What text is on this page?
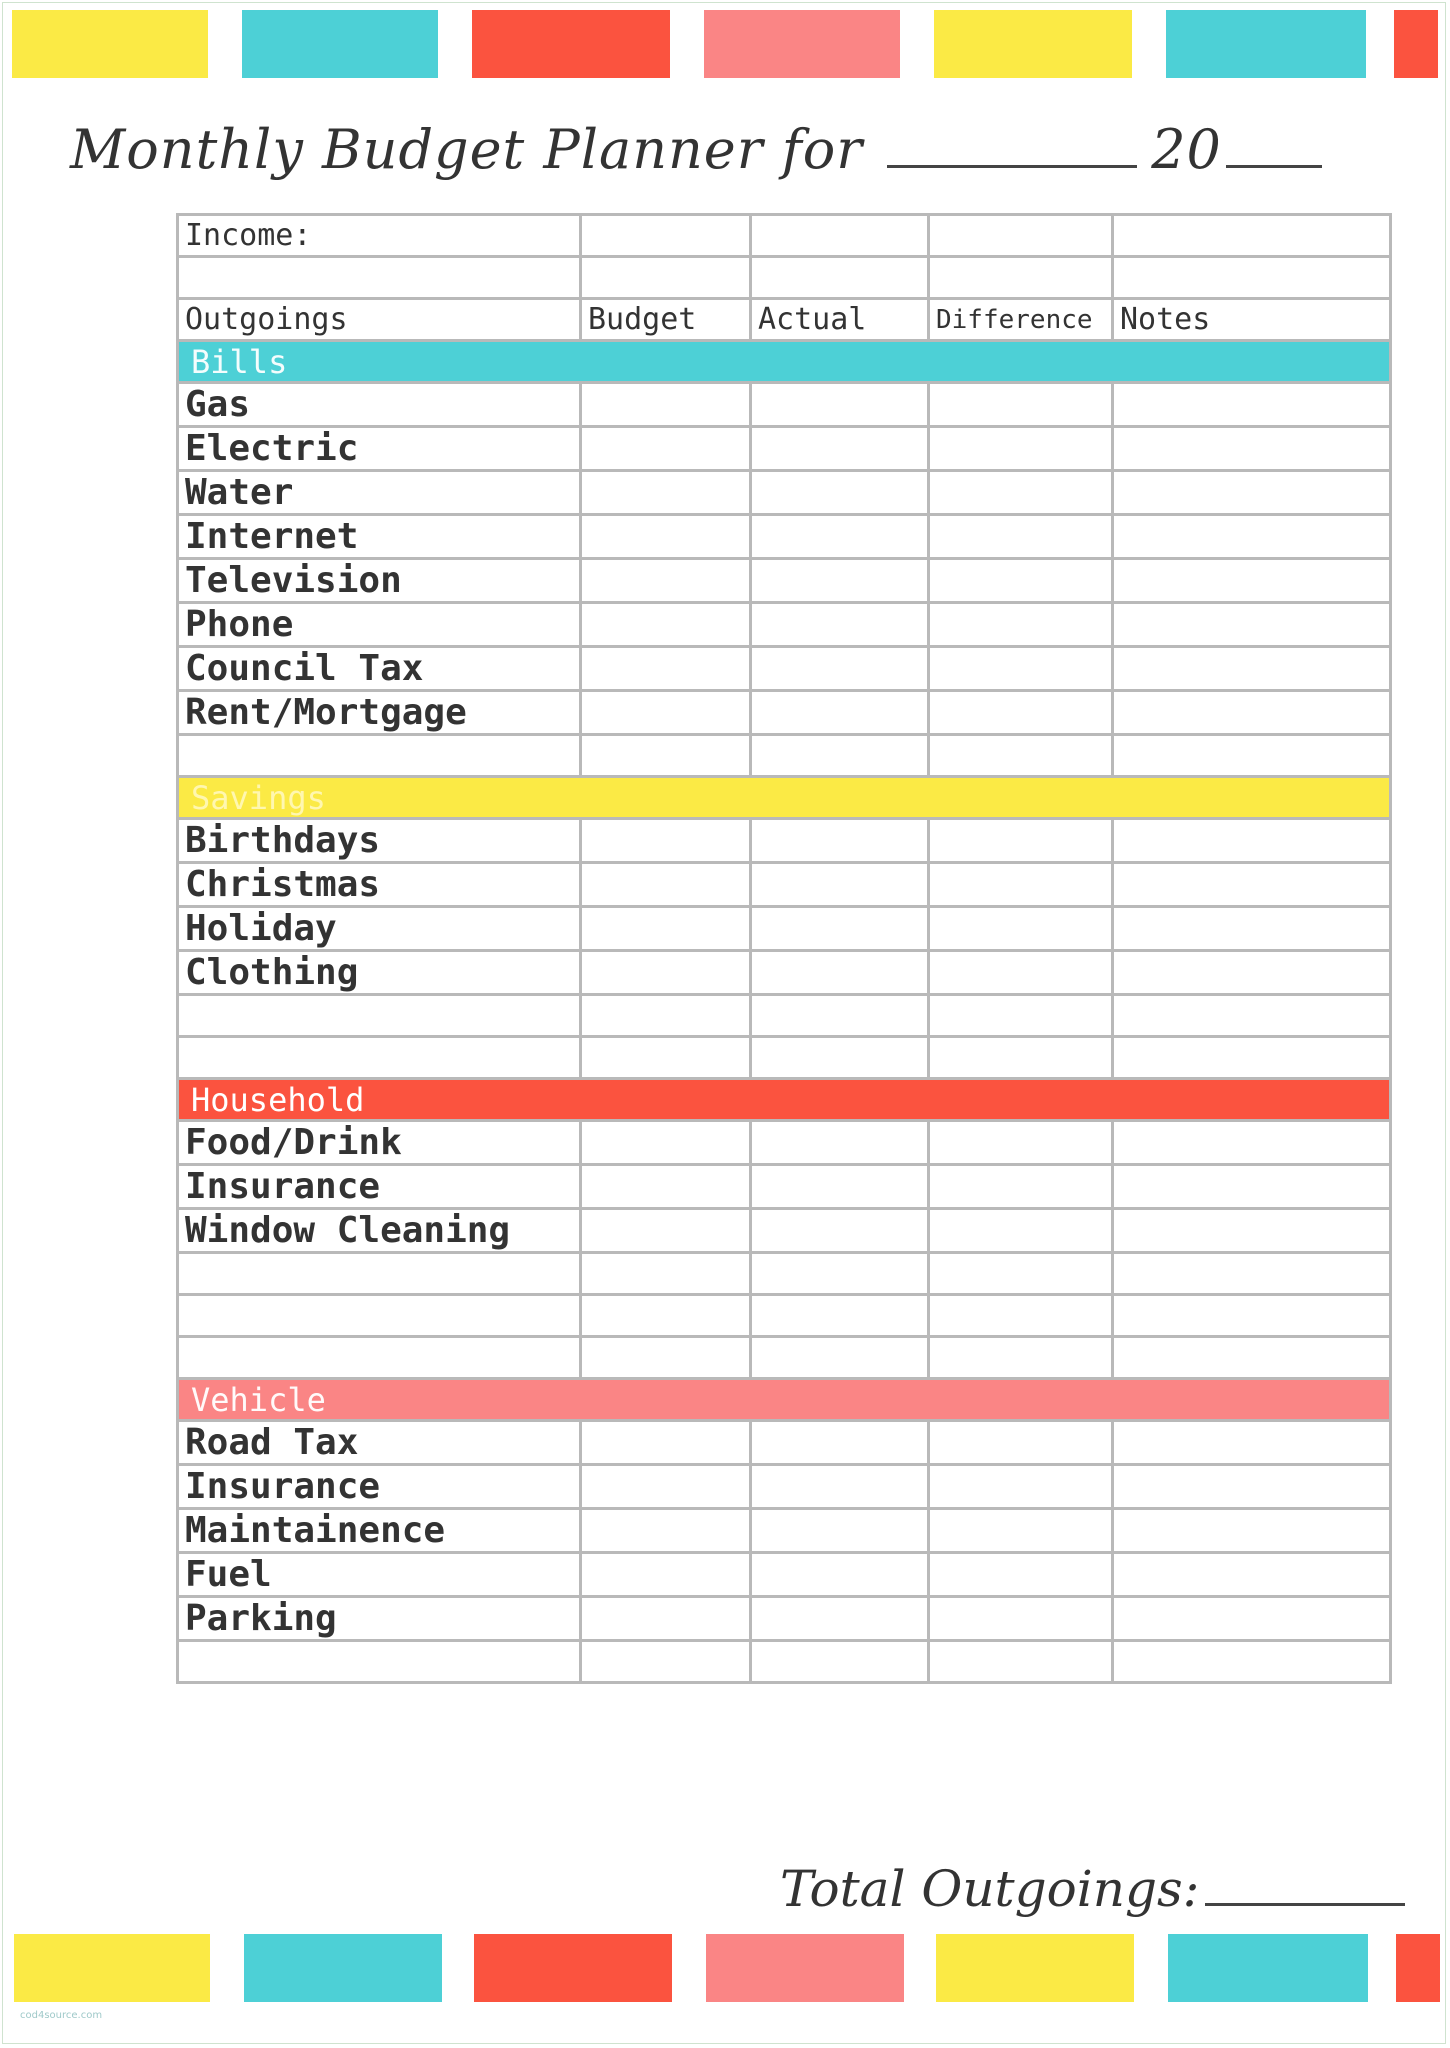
Monthly Budget Planner for	20
Income:				

Outgoings	Budget	Actual	Difference	Notes
Bills				
Gas				
Electric				
Water				
Internet				
Television				
Phone				
Council Tax				
Rent/Mortgage				

Savings				
Birthdays				
Christmas				
Holiday				
Clothing				

Household				
Food/Drink				
Insurance				
Window Cleaning				

Vehicle				
Road Tax				
Insurance				
Maintainence				
Fuel				
Parking				

Total Outgoings:
cod4source.com
